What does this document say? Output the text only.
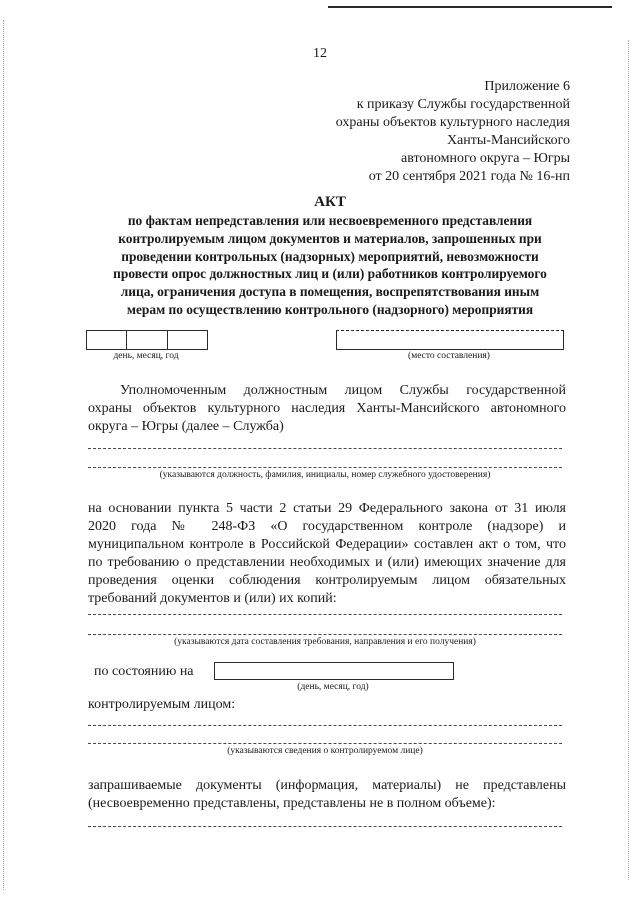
12
Приложение 6
к приказу Службы государственной
охраны объектов культурного наследия
Ханты-Мансийского
автономного округа – Югры
от 20 сентября 2021 года № 16-нп
АКТ
по фактам непредставления или несвоевременного представления
контролируемым лицом документов и материалов, запрошенных при
проведении контрольных (надзорных) мероприятий, невозможности
провести опрос должностных лиц и (или) работников контролируемого
лица, ограничения доступа в помещения, воспрепятствования иным
мерам по осуществлению контрольного (надзорного) мероприятия
день, месяц, год	(место составления)

Уполномоченным должностным лицом Службы государственной

охраны объектов культурного наследия Ханты-Мансийского автономного

округа – Югры (далее – Служба)

(указываются должность, фамилия, инициалы, номер служебного удостоверения)

на основании пункта 5 части 2 статьи 29 Федерального закона от 31 июля

2020 года № 248-ФЗ «О государственном контроле (надзоре) и

муниципальном контроле в Российской Федерации» составлен акт о том, что

по требованию о представлении необходимых и (или) имеющих значение для

проведения оценки соблюдения контролируемым лицом обязательных

требований документов и (или) их копий:

(указываются дата составления требования, направления и его получения)
по состоянию на
(день, месяц, год)
контролируемым лицом:
(указываются сведения о контролируемом лице)

запрашиваемые документы (информация, материалы) не представлены

(несвоевременно представлены, представлены не в полном объеме):
